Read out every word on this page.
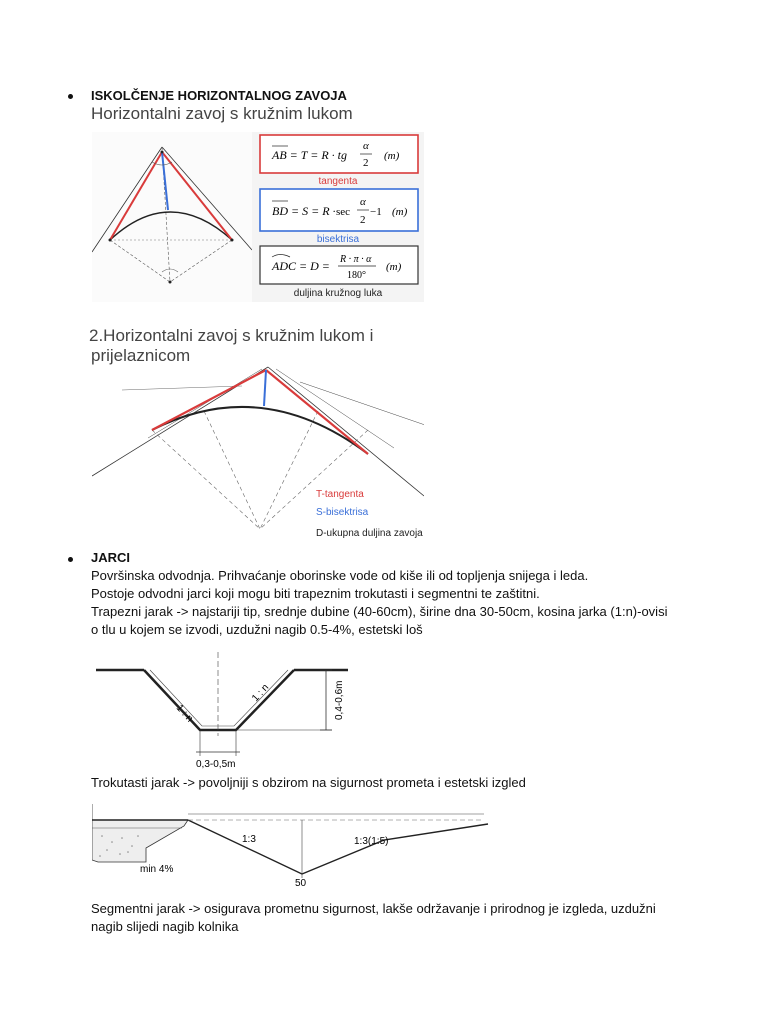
ISKOLČENJE HORIZONTALNOG ZAVOJA
Horizontalni zavoj s kružnim lukom
AB = T = R · tg
α
2
(m)
tangenta
BD = S = R · sec
α
2
−1 (m)
bisektrisa
ADC = D = R · π · α
180°
(m)
duljina kružnog luka
2.Horizontalni zavoj s kružnim lukom i
prijelaznicom
T-tangenta
S-bisektrisa
D-ukupna duljina zavoja
JARCI
Površinska odvodnja. Prihvaćanje oborinske vode od kiše ili od topljenja snijega i leda.
Postoje odvodni jarci koji mogu biti trapeznim trokutasti i segmentni te zaštitni.
Trapezni jarak -> najstariji tip, srednje dubine (40-60cm), širine dna 30-50cm, kosina jarka (1:n)-ovisi
o tlu u kojem se izvodi, uzdužni nagib 0.5-4%, estetski loš
1 : n
1 : n	0,4-0,6m
0,3-0,5m
Trokutasti jarak -> povoljniji s obzirom na sigurnost prometa i estetski izgled
1:3	1:3(1:5)
min 4%
50
Segmentni jarak -> osigurava prometnu sigurnost, lakše održavanje i prirodnog je izgleda, uzdužni
nagib slijedi nagib kolnika
